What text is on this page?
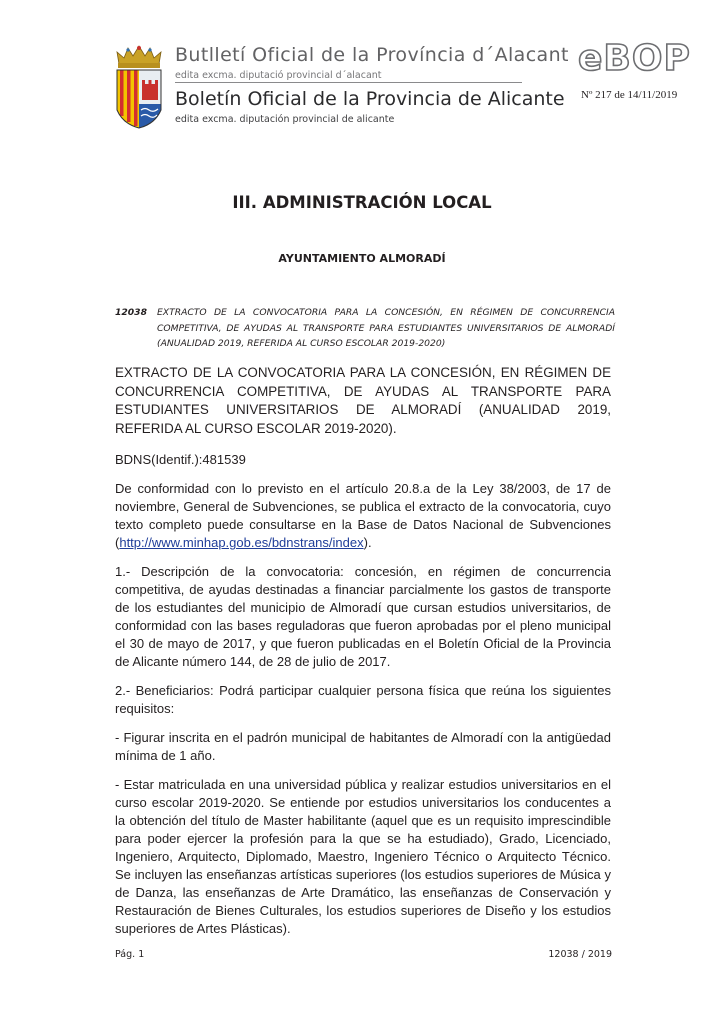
Butlletí Oficial de la Província d´Alacant
edita excma. diputació provincial d´alacant
Boletín Oficial de la Provincia de Alicante
edita excma. diputación provincial de alicante
eBOP
Nº 217 de 14/11/2019
III. ADMINISTRACIÓN LOCAL
AYUNTAMIENTO ALMORADÍ
12038 EXTRACTO DE LA CONVOCATORIA PARA LA CONCESIÓN, EN RÉGIMEN DE CONCURRENCIA COMPETITIVA, DE AYUDAS AL TRANSPORTE PARA ESTUDIANTES UNIVERSITARIOS DE ALMORADÍ (ANUALIDAD 2019, REFERIDA AL CURSO ESCOLAR 2019-2020)

EXTRACTO DE LA CONVOCATORIA PARA LA CONCESIÓN, EN RÉGIMEN DE CONCURRENCIA COMPETITIVA, DE AYUDAS AL TRANSPORTE PARA ESTUDIANTES UNIVERSITARIOS DE ALMORADÍ (ANUALIDAD 2019, REFERIDA AL CURSO ESCOLAR 2019-2020).

BDNS(Identif.):481539

De conformidad con lo previsto en el artículo 20.8.a de la Ley 38/2003, de 17 de noviembre, General de Subvenciones, se publica el extracto de la convocatoria, cuyo texto completo puede consultarse en la Base de Datos Nacional de Subvenciones (http://www.minhap.gob.es/bdnstrans/index).

1.- Descripción de la convocatoria: concesión, en régimen de concurrencia competitiva, de ayudas destinadas a financiar parcialmente los gastos de transporte de los estudiantes del municipio de Almoradí que cursan estudios universitarios, de conformidad con las bases reguladoras que fueron aprobadas por el pleno municipal el 30 de mayo de 2017, y que fueron publicadas en el Boletín Oficial de la Provincia de Alicante número 144, de 28 de julio de 2017.

2.- Beneficiarios: Podrá participar cualquier persona física que reúna los siguientes requisitos:

- Figurar inscrita en el padrón municipal de habitantes de Almoradí con la antigüedad mínima de 1 año.

- Estar matriculada en una universidad pública y realizar estudios universitarios en el curso escolar 2019-2020. Se entiende por estudios universitarios los conducentes a la obtención del título de Master habilitante (aquel que es un requisito imprescindible para poder ejercer la profesión para la que se ha estudiado), Grado, Licenciado, Ingeniero, Arquitecto, Diplomado, Maestro, Ingeniero Técnico o Arquitecto Técnico. Se incluyen las enseñanzas artísticas superiores (los estudios superiores de Música y de Danza, las enseñanzas de Arte Dramático, las enseñanzas de Conservación y Restauración de Bienes Culturales, los estudios superiores de Diseño y los estudios superiores de Artes Plásticas).

Pág. 1	12038 / 2019
